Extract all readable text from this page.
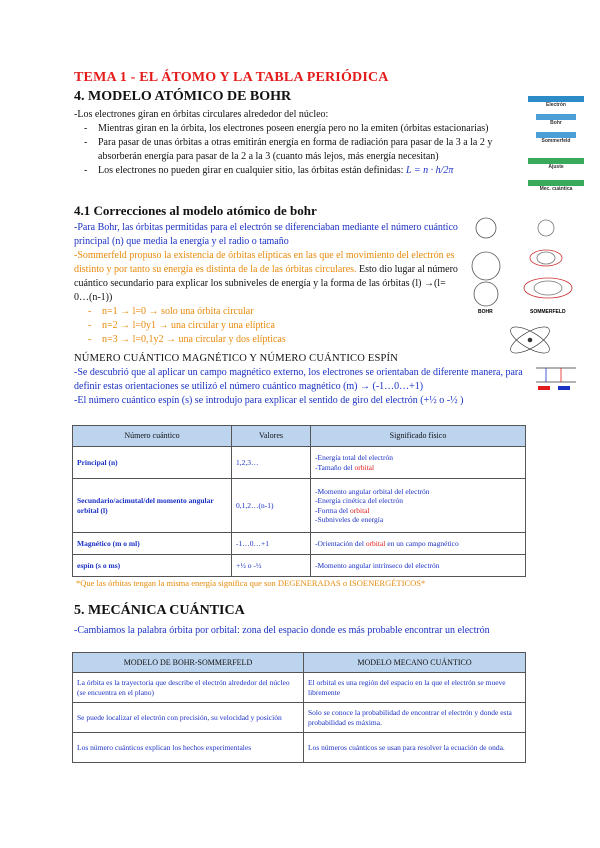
TEMA 1 - EL ÁTOMO Y LA TABLA PERIÓDICA
4. MODELO ATÓMICO DE BOHR
Electrón
Bohr
Sommerfeld
Ajuste
Mec. cuántica
-Los electrones giran en órbitas circulares alrededor del núcleo:
- Mientras giran en la órbita, los electrones poseen energía pero no la emiten (órbitas estacionarias)
- Para pasar de unas órbitas a otras emitirán energía en forma de radiación para pasar de la 3 a la 2 y absorberán energía para pasar de la 2 a la 3 (cuanto más lejos, más energía necesitan)
- Los electrones no pueden girar en cualquier sitio, las órbitas están definidas: L = n · h/2π
4.1 Correcciones al modelo atómico de bohr
-Para Bohr, las órbitas permitidas para el electrón se diferenciaban mediante el número cuántico principal (n) que media la energía y el radio o tamaño
-Sommerfeld propuso la existencia de órbitas elípticas en las que el movimiento del electrón es distinto y por tanto su energía es distinta de la de las órbitas circulares. Esto dio lugar al número cuántico secundario para explicar los subniveles de energía y la forma de las órbitas (l) →(l= 0…(n-1))
- n=1 → l=0 → solo una órbita circular
- n=2 → l=0y1 → una circular y una elíptica
- n=3 → l=0,1y2 → una circular y dos elípticas
BOHR	SOMMERFELD
NÚMERO CUÁNTICO MAGNÉTICO Y NÚMERO CUÁNTICO ESPÍN
-Se descubrió que al aplicar un campo magnético externo, los electrones se orientaban de diferente manera, para definir estas orientaciones se utilizó el número cuántico magnético (m) → (-1…0…+1)
-El número cuántico espín (s) se introdujo para explicar el sentido de giro del electrón (+½ o -½ )
Número cuántico	Valores	Significado físico
Principal (n)	1,2,3…	-Energía total del electrón
-Tamaño del orbital

Secundario/acimutal/del momento angular orbital (l)	0,1,2…(n-1)	-Momento angular orbital del electrón
-Energía cinética del electrón
-Forma del orbital
-Subniveles de energía

Magnético (m o ml)	-1…0…+1	-Orientación del orbital en un campo magnético
espín (s o ms)	+½ o -½	-Momento angular intrínseco del electrón
*Que las órbitas tengan la misma energía significa que son DEGENERADAS o ISOENERGÉTICOS*
5. MECÁNICA CUÁNTICA
-Cambiamos la palabra órbita por orbital: zona del espacio donde es más probable encontrar un electrón
MODELO DE BOHR-SOMMERFELD	MODELO MECANO CUÁNTICO
La órbita es la trayectoria que describe el electrón alrededor del núcleo (se encuentra en el plano)	El orbital es una región del espacio en la que el electrón se mueve libremente
Se puede localizar el electrón con precisión, su velocidad y posición	Solo se conoce la probabilidad de encontrar el electrón y donde esta probabilidad es máxima.
Los número cuánticos explican los hechos experimentales	Los números cuánticos se usan para resolver la ecuación de onda.
